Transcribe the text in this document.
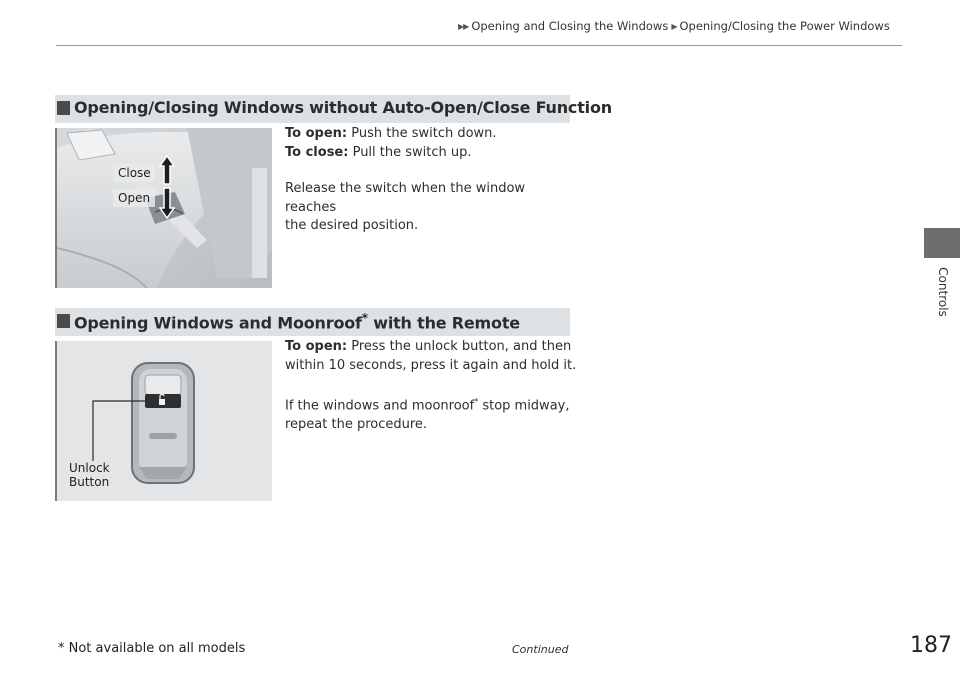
▶▶ Opening and Closing the Windows ▶ Opening/Closing the Power Windows
Controls
Opening/Closing Windows without Auto-Open/Close Function
Close
Open
To open: Push the switch down.
To close: Pull the switch up.
Release the switch when the window reaches
the desired position.
Opening Windows and Moonroof* with the Remote
Unlock
Button
To open: Press the unlock button, and then
within 10 seconds, press it again and hold it.
If the windows and moonroof* stop midway,
repeat the procedure.
* Not available on all models	Continued	187
